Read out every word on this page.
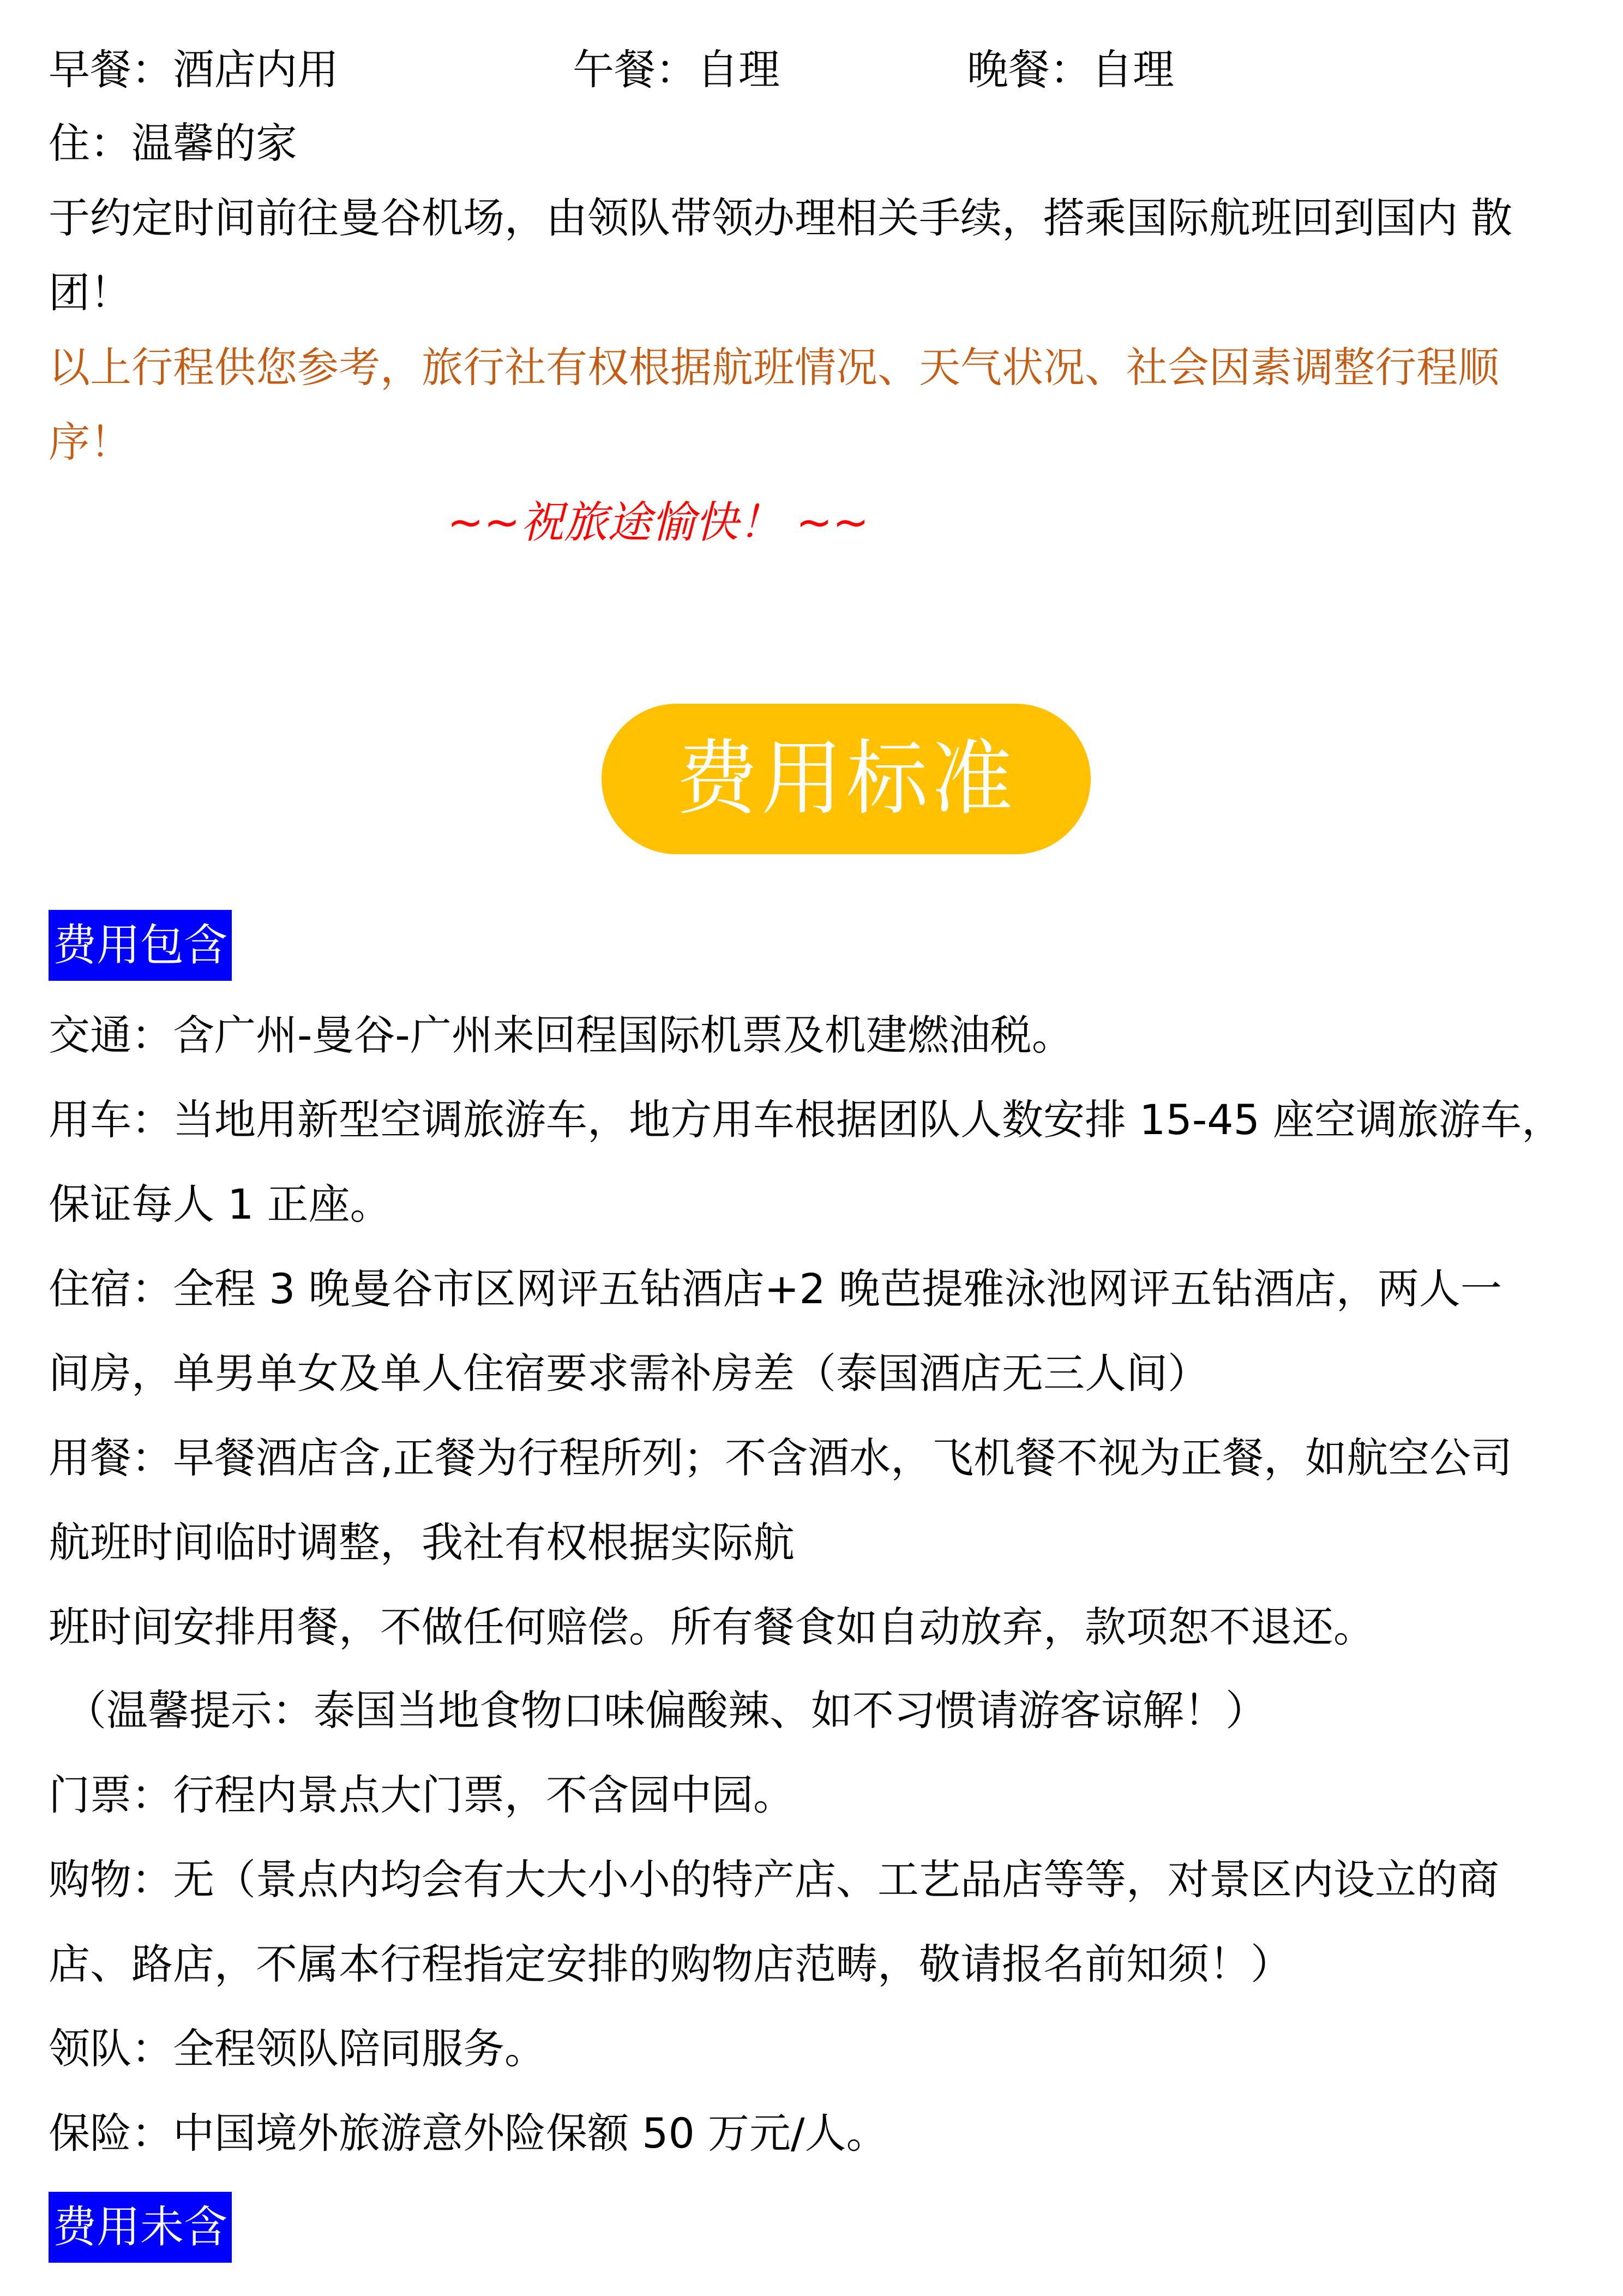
早餐：酒店内用	午餐：自理	晚餐：自理
住：温馨的家
于约定时间前往曼谷机场，由领队带领办理相关手续，搭乘国际航班回到国内 散
团！
以上行程供您参考，旅行社有权根据航班情况、天气状况、社会因素调整行程顺
序！
~~祝旅途愉快！ ~~
费用标准
费用包含
交通：含广州-曼谷-广州来回程国际机票及机建燃油税。
用车：当地用新型空调旅游车，地方用车根据团队人数安排 15-45 座空调旅游车，
保证每人 1 正座。
住宿：全程 3 晚曼谷市区网评五钻酒店+2 晚芭提雅泳池网评五钻酒店，两人一
间房，单男单女及单人住宿要求需补房差（泰国酒店无三人间）
用餐：早餐酒店含,正餐为行程所列；不含酒水，飞机餐不视为正餐，如航空公司
航班时间临时调整，我社有权根据实际航
班时间安排用餐，不做任何赔偿。所有餐食如自动放弃，款项恕不退还。
（温馨提示：泰国当地食物口味偏酸辣、如不习惯请游客谅解！）
门票：行程内景点大门票，不含园中园。
购物：无（景点内均会有大大小小的特产店、工艺品店等等，对景区内设立的商
店、路店，不属本行程指定安排的购物店范畴，敬请报名前知须！）
领队：全程领队陪同服务。
保险：中国境外旅游意外险保额 50 万元/人。
费用未含
